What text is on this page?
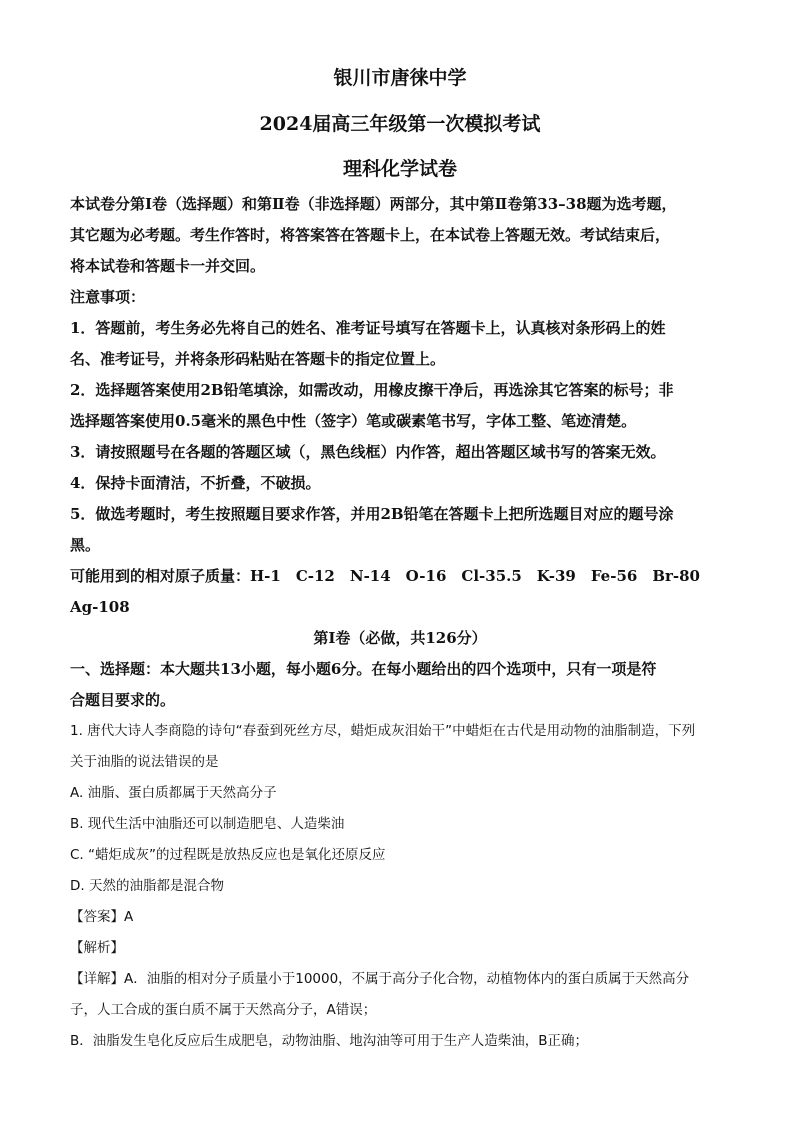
银川市唐徕中学

2024届高三年级第一次模拟考试

理科化学试卷

本试卷分第Ⅰ卷（选择题）和第Ⅱ卷（非选择题）两部分，其中第Ⅱ卷第33–38题为选考题，

其它题为必考题。考生作答时，将答案答在答题卡上，在本试卷上答题无效。考试结束后，

将本试卷和答题卡一并交回。

注意事项：

1．答题前，考生务必先将自己的姓名、准考证号填写在答题卡上，认真核对条形码上的姓

名、准考证号，并将条形码粘贴在答题卡的指定位置上。

2．选择题答案使用2B铅笔填涂，如需改动，用橡皮擦干净后，再选涂其它答案的标号；非

选择题答案使用0.5毫米的黑色中性（签字）笔或碳素笔书写，字体工整、笔迹清楚。

3．请按照题号在各题的答题区域（，黑色线框）内作答，超出答题区域书写的答案无效。

4．保持卡面清洁，不折叠，不破损。

5．做选考题时，考生按照题目要求作答，并用2B铅笔在答题卡上把所选题目对应的题号涂

黑。

可能用到的相对原子质量：H-1　C-12　N-14　O-16　Cl-35.5　K-39　Fe-56　Br-80　Ag-108

第Ⅰ卷（必做，共126分）

一、选择题：本大题共13小题，每小题6分。在每小题给出的四个选项中，只有一项是符

合题目要求的。

1. 唐代大诗人李商隐的诗句“春蚕到死丝方尽，蜡炬成灰泪始干”中蜡炬在古代是用动物的油脂制造，下列

关于油脂的说法错误的是

A. 油脂、蛋白质都属于天然高分子

B. 现代生活中油脂还可以制造肥皂、人造柴油

C. “蜡炬成灰”的过程既是放热反应也是氧化还原反应

D. 天然的油脂都是混合物

【答案】A

【解析】

【详解】A．油脂的相对分子质量小于10000，不属于高分子化合物，动植物体内的蛋白质属于天然高分

子，人工合成的蛋白质不属于天然高分子，A错误；

B．油脂发生皂化反应后生成肥皂，动物油脂、地沟油等可用于生产人造柴油，B正确；
